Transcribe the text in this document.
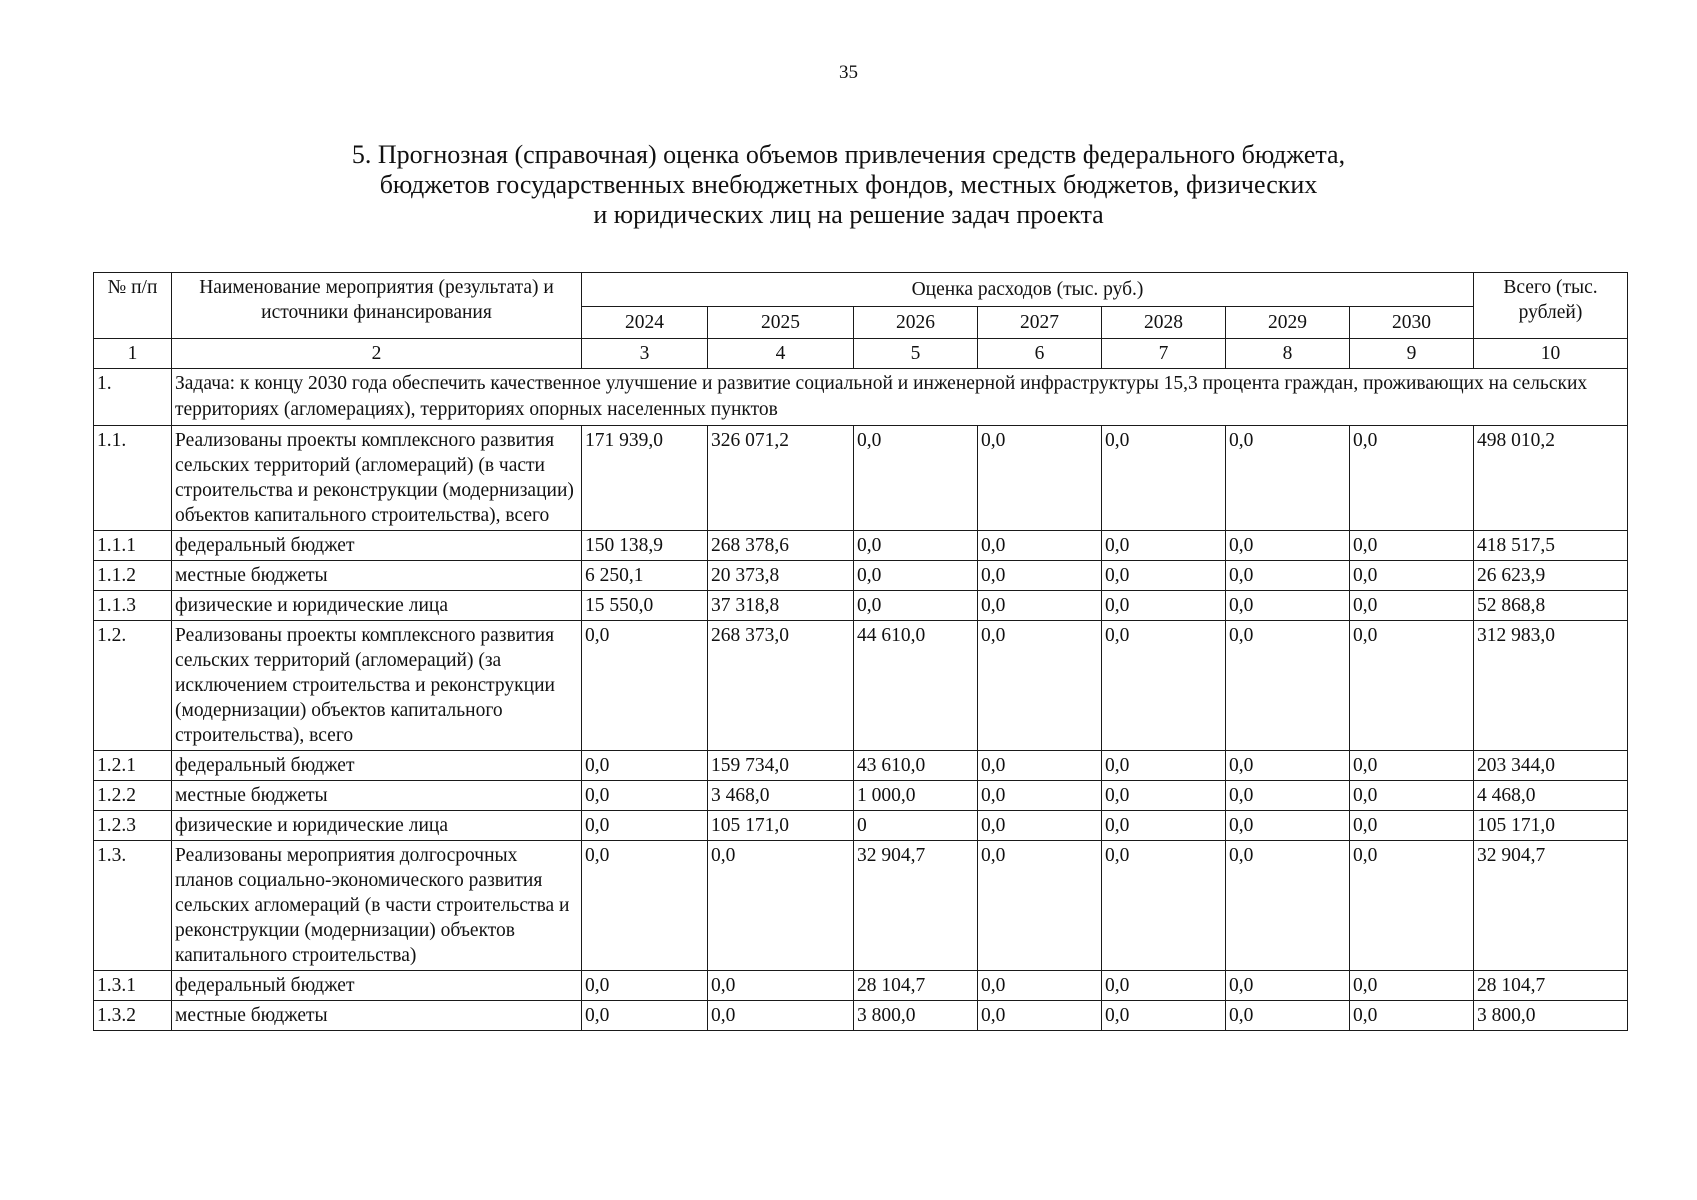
35
5. Прогнозная (справочная) оценка объемов привлечения средств федерального бюджета,
бюджетов государственных внебюджетных фондов, местных бюджетов, физических
и юридических лиц на решение задач проекта
№ п/п	Наименование мероприятия (результата) и источники финансирования	Оценка расходов (тыс. руб.)							Всего (тыс. рублей)
		2024	2025	2026	2027	2028	2029	2030	
1	2	3	4	5	6	7	8	9	10
1.	Задача: к концу 2030 года обеспечить качественное улучшение и развитие социальной и инженерной инфраструктуры 15,3 процента граждан, проживающих на сельских территориях (агломерациях), территориях опорных населенных пунктов								
1.1.	Реализованы проекты комплексного развития сельских территорий (агломераций) (в части строительства и реконструкции (модернизации) объектов капитального строительства), всего	171 939,0	326 071,2	0,0	0,0	0,0	0,0	0,0	498 010,2
1.1.1	федеральный бюджет	150 138,9	268 378,6	0,0	0,0	0,0	0,0	0,0	418 517,5
1.1.2	местные бюджеты	6 250,1	20 373,8	0,0	0,0	0,0	0,0	0,0	26 623,9
1.1.3	физические и юридические лица	15 550,0	37 318,8	0,0	0,0	0,0	0,0	0,0	52 868,8
1.2.	Реализованы проекты комплексного развития сельских территорий (агломераций) (за исключением строительства и реконструкции (модернизации) объектов капитального строительства), всего	0,0	268 373,0	44 610,0	0,0	0,0	0,0	0,0	312 983,0
1.2.1	федеральный бюджет	0,0	159 734,0	43 610,0	0,0	0,0	0,0	0,0	203 344,0
1.2.2	местные бюджеты	0,0	3 468,0	1 000,0	0,0	0,0	0,0	0,0	4 468,0
1.2.3	физические и юридические лица	0,0	105 171,0	0	0,0	0,0	0,0	0,0	105 171,0
1.3.	Реализованы мероприятия долгосрочных планов социально-экономического развития сельских агломераций (в части строительства и реконструкции (модернизации) объектов капитального строительства)	0,0	0,0	32 904,7	0,0	0,0	0,0	0,0	32 904,7
1.3.1	федеральный бюджет	0,0	0,0	28 104,7	0,0	0,0	0,0	0,0	28 104,7
1.3.2	местные бюджеты	0,0	0,0	3 800,0	0,0	0,0	0,0	0,0	3 800,0
